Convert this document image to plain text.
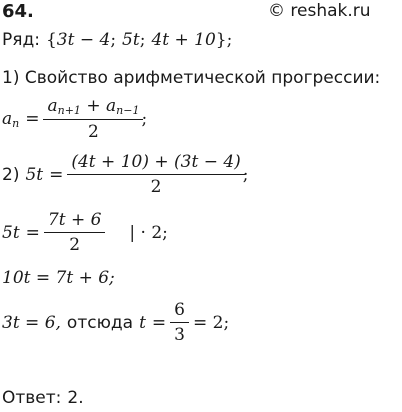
64.	© reshak.ru
Ряд: { 3t − 4 ; 5t ; 4t + 10 };
1) Свойство арифметической прогрессии:
$a_n = \frac{a_{n+1} + a_{n-1}}{2}$ ;
2) $5t = \frac{(4t + 10) + (3t - 4)}{2}$ ;
$5t = \frac{7t + 6}{2}$ | · 2;
10t = 7t + 6;
3t = 6, отсюда $t = \frac{6}{3} = 2$;
Ответ: 2.
